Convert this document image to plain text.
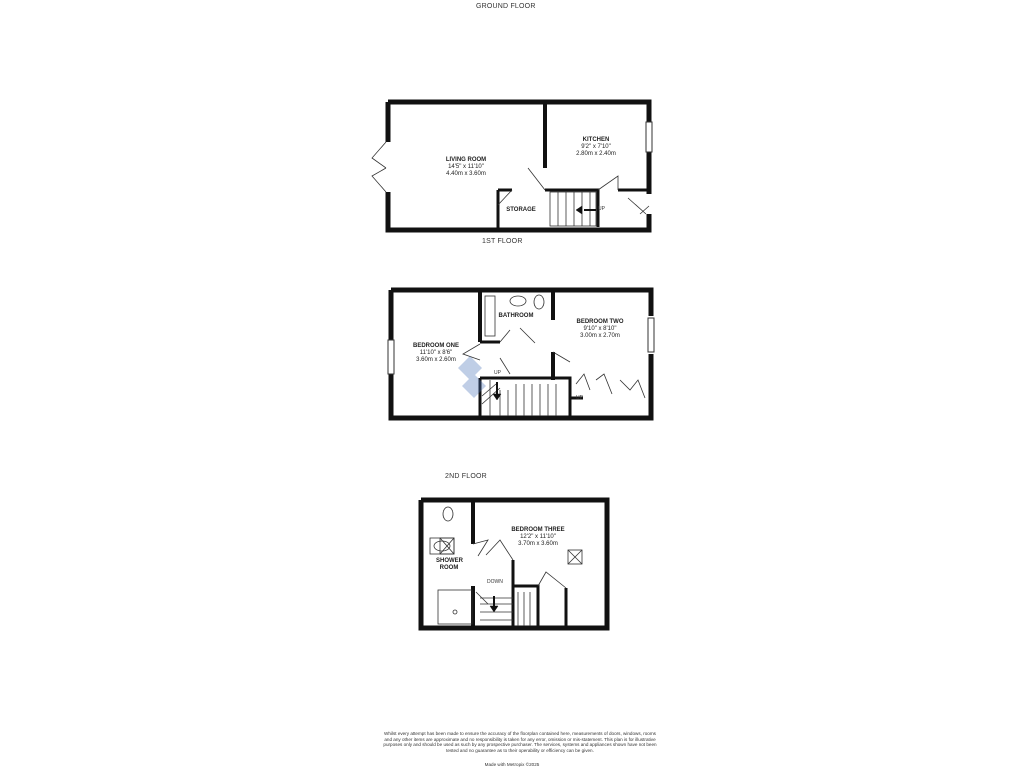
GROUND FLOOR
1ST FLOOR
2ND FLOOR
LIVING ROOM
14'5" x 11'10"
4.40m x 3.60m
KITCHEN
9'2" x 7'10"
2.80m x 2.40m
STORAGE	UP
BEDROOM ONE
11'10" x 8'6"
3.60m x 2.60m
BEDROOM TWO
9'10" x 8'10"
3.00m x 2.70m
BATHROOM
UP
UP
BEDROOM THREE
12'2" x 11'10"
3.70m x 3.60m
SHOWER ROOM
DOWN
Whilst every attempt has been made to ensure the accuracy of the floorplan contained here, measurements of doors, windows, rooms and any other items are approximate and no responsibility is taken for any error, omission or mis-statement. This plan is for illustrative purposes only and should be used as such by any prospective purchaser. The services, systems and appliances shown have not been tested and no guarantee as to their operability or efficiency can be given.
Made with Metropix ©2025
